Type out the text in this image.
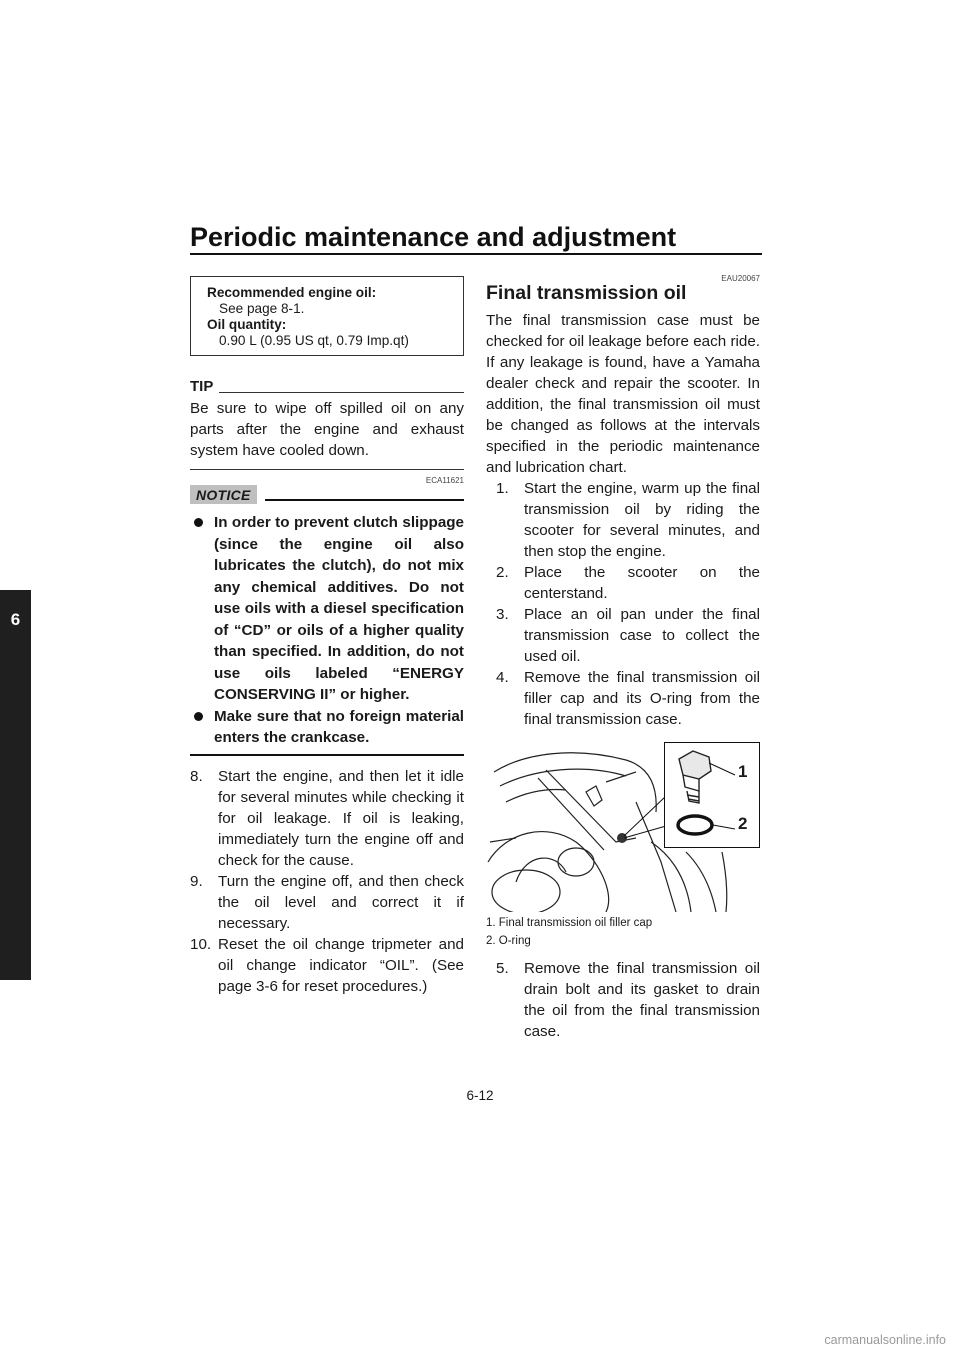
Periodic maintenance and adjustment
6
Recommended engine oil:
See page 8-1.
Oil quantity:
0.90 L (0.95 US qt, 0.79 Imp.qt)
TIP

Be sure to wipe off spilled oil on any parts after the engine and exhaust system have cooled down.

ECA11621
NOTICE
In order to prevent clutch slippage (since the engine oil also lubricates the clutch), do not mix any chemical additives. Do not use oils with a diesel specification of “CD” or oils of a higher quality than specified. In addition, do not use oils labeled “ENERGY CONSERVING II” or higher.
Make sure that no foreign material enters the crankcase.
8.	Start the engine, and then let it idle for several minutes while checking it for oil leakage. If oil is leaking, immediately turn the engine off and check for the cause.
9.	Turn the engine off, and then check the oil level and correct it if necessary.
10. Reset the oil change tripmeter and oil change indicator “OIL”. (See page 3-6 for reset procedures.)
Final transmission oil
EAU20067

The final transmission case must be checked for oil leakage before each ride. If any leakage is found, have a Yamaha dealer check and repair the scooter. In addition, the final transmission oil must be changed as follows at the intervals specified in the periodic maintenance and lubrication chart.

1.	Start the engine, warm up the final transmission oil by riding the scooter for several minutes, and then stop the engine.
2.	Place the scooter on the centerstand.
3.	Place an oil pan under the final transmission case to collect the used oil.
4.	Remove the final transmission oil filler cap and its O-ring from the final transmission case.
1
2
1. Final transmission oil filler cap
2. O-ring
5.	Remove the final transmission oil drain bolt and its gasket to drain the oil from the final transmission case.
6-12
carmanualsonline.info
